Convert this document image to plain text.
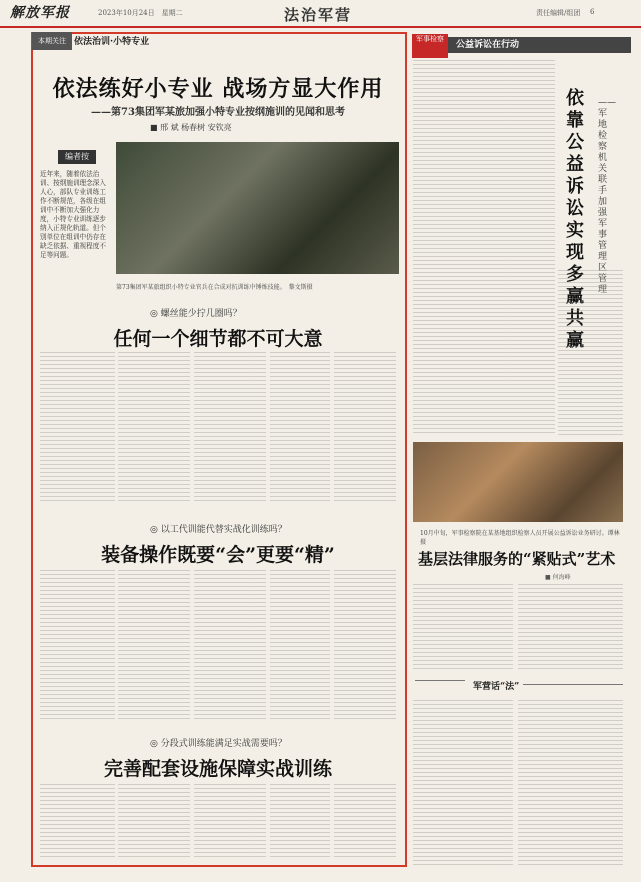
解放军报	2023年10月24日　星期二	法治军营	责任编辑/组团 6
本期关注 依法治训·小特专业
依法练好小专业 战场方显大作用
——第73集团军某旅加强小特专业按纲施训的见闻和思考
■ 邢 斌 杨春树 安钦亮
编者按
近年来，随着依法治训、按纲施训理念深入人心，部队专业训练工作不断规范，各级在组训中不断加大强化力度，小特专业训练逐步纳入正规化轨道。但个别单位在组训中仍存在缺乏依据、重视程度不足等问题。
第73集团军某旅组织小特专业官兵在合成对抗训练中锤炼技能。　黎文斯摄
◎ 螺丝能少拧几圈吗？
任何一个细节都不可大意
◎ 以工代训能代替实战化训练吗？
装备操作既要“会”更要“精”
◎ 分段式训练能满足实战需要吗？
完善配套设施保障实战训练
军事检察
公益诉讼在行动
依靠公益诉讼实现多赢共赢
——军地检察机关联手加强军事管理区管理
10月中旬，军事检察院在某基地组织检察人员开展公益诉讼业务研讨。谭林摄
基层法律服务的“紧贴式”艺术
■ 何海峰
军营话“法”
